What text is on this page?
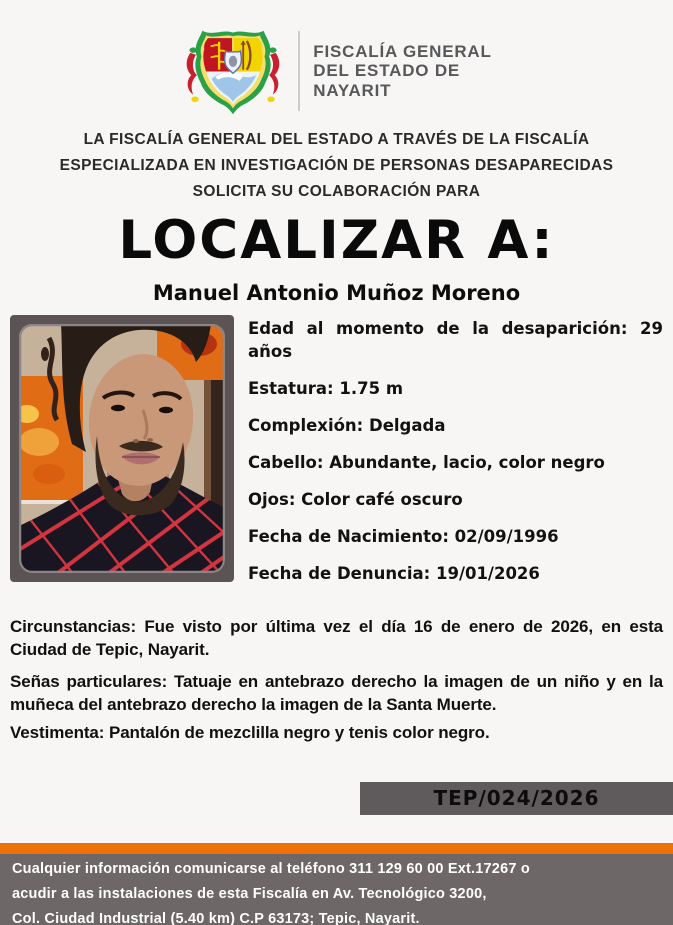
FISCALÍA GENERAL
DEL ESTADO DE
NAYARIT
LA FISCALÍA GENERAL DEL ESTADO A TRAVÉS DE LA FISCALÍA
ESPECIALIZADA EN INVESTIGACIÓN DE PERSONAS DESAPARECIDAS
SOLICITA SU COLABORACIÓN PARA
LOCALIZAR A:
Manuel Antonio Muñoz Moreno
Edad al momento de la desaparición: 29 años
Estatura: 1.75 m
Complexión: Delgada
Cabello: Abundante, lacio, color negro
Ojos: Color café oscuro
Fecha de Nacimiento: 02/09/1996
Fecha de Denuncia: 19/01/2026

Circunstancias: Fue visto por última vez el día 16 de enero de 2026, en esta Ciudad de Tepic, Nayarit.

Señas particulares: Tatuaje en antebrazo derecho la imagen de un niño y en la muñeca del antebrazo derecho la imagen de la Santa Muerte.

Vestimenta: Pantalón de mezclilla negro y tenis color negro.

TEP/024/2026
Cualquier información comunicarse al teléfono 311 129 60 00 Ext.17267 o
acudir a las instalaciones de esta Fiscalía en Av. Tecnológico 3200,
Col. Ciudad Industrial (5.40 km) C.P 63173; Tepic, Nayarit.
